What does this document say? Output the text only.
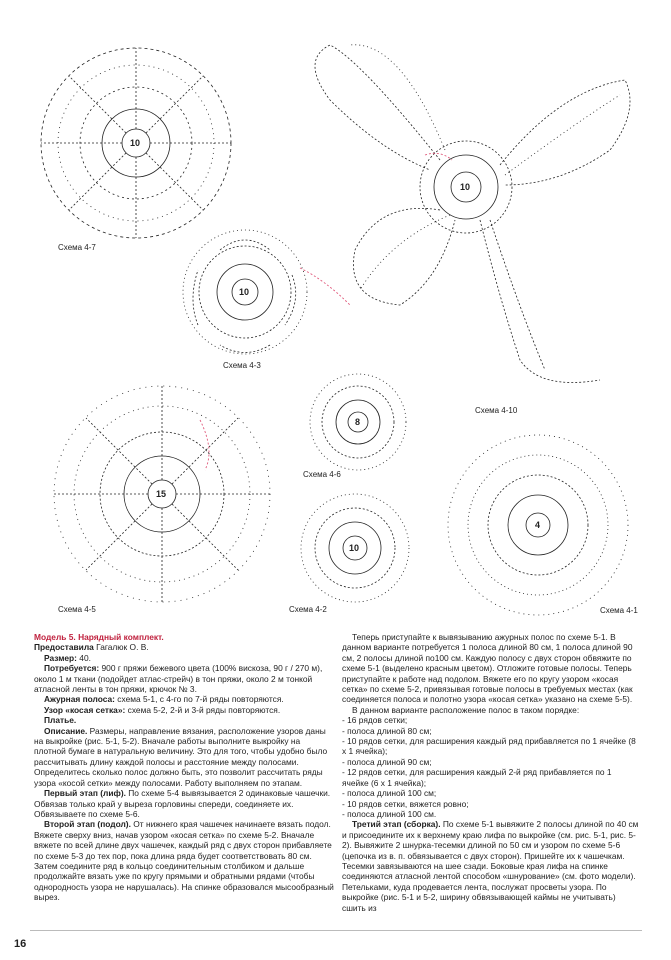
10
10
10
8
15
10
4
Схема 4-7
Схема 4-3
Схема 4-10
Схема 4-6
Схема 4-5	Схема 4-2	Схема 4-1

Модель 5. Нарядный комплект.

Предоставила Гагалюк О. В.

Размер: 40.

Потребуется: 900 г пряжи бежевого цвета (100% вискоза, 90 г / 270 м), около 1 м ткани (подойдет атлас-стрейч) в тон пряжи, около 2 м тонкой атласной ленты в тон пряжи, крючок № 3.

Ажурная полоса: схема 5-1, с 4-го по 7-й ряды повторяются.

Узор «косая сетка»: схема 5-2, 2-й и 3-й ряды повторяются.

Платье.

Описание. Размеры, направление вязания, расположение узоров даны на выкройке (рис. 5-1, 5-2). Вначале работы выполните выкройку на плотной бумаге в натуральную величину. Это для того, чтобы удобно было рассчитывать длину каждой полосы и расстояние между полосами. Определитесь сколько полос должно быть, это позволит рассчитать ряды узора «косой сетки» между полосами. Работу выполняем по этапам.

Первый этап (лиф). По схеме 5-4 вывязывается 2 одинаковые чашечки. Обвязав только край у выреза горловины спереди, соединяете их. Обвязываете по схеме 5-6.

Второй этап (подол). От нижнего края чашечек начинаете вязать подол. Вяжете сверху вниз, начав узором «косая сетка» по схеме 5-2. Вначале вяжете по всей длине двух чашечек, каждый ряд с двух сторон прибавляете по схеме 5-3 до тех пор, пока длина ряда будет соответствовать 80 см. Затем соедините ряд в кольцо соединительным столбиком и дальше продолжайте вязать уже по кругу прямыми и обратными рядами (чтобы однородность узора не нарушалась). На спинке образовался мысообразный вырез.

Теперь приступайте к вывязыванию ажурных полос по схеме 5-1. В данном варианте потребуется 1 полоса длиной 80 см, 1 полоса длиной 90 см, 2 полосы длиной по100 см. Каждую полосу с двух сторон обвяжите по схеме 5-1 (выделено красным цветом). Отложите готовые полосы. Теперь приступайте к работе над подолом. Вяжете его по кругу узором «косая сетка» по схеме 5-2, привязывая готовые полосы в требуемых местах (как соединяется полоса и полотно узора «косая сетка» указано на схеме 5-5).

В данном варианте расположение полос в таком порядке:

- 16 рядов сетки;

- полоса длиной 80 см;

- 10 рядов сетки, для расширения каждый ряд прибавляется по 1 ячейке (8 х 1 ячейка);

- полоса длиной 90 см;

- 12 рядов сетки, для расширения каждый 2-й ряд прибавляется по 1 ячейке (6 х 1 ячейка);

- полоса длиной 100 см;

- 10 рядов сетки, вяжется ровно;

- полоса длиной 100 см.

Третий этап (сборка). По схеме 5-1 вывяжите 2 полосы длиной по 40 см и присоедините их к верхнему краю лифа по выкройке (см. рис. 5-1, рис. 5-2). Вывяжите 2 шнурка-тесемки длиной по 50 см и узором по схеме 5-6 (цепочка из в. п. обвязывается с двух сторон). Пришейте их к чашечкам. Тесемки завязываются на шее сзади. Боковые края лифа на спинке соединяются атласной лентой способом «шнурование» (см. фото модели). Петельками, куда продевается лента, послужат просветы узора. По выкройке (рис. 5-1 и 5-2, ширину обвязывающей каймы не учитывать) сшить из

16
